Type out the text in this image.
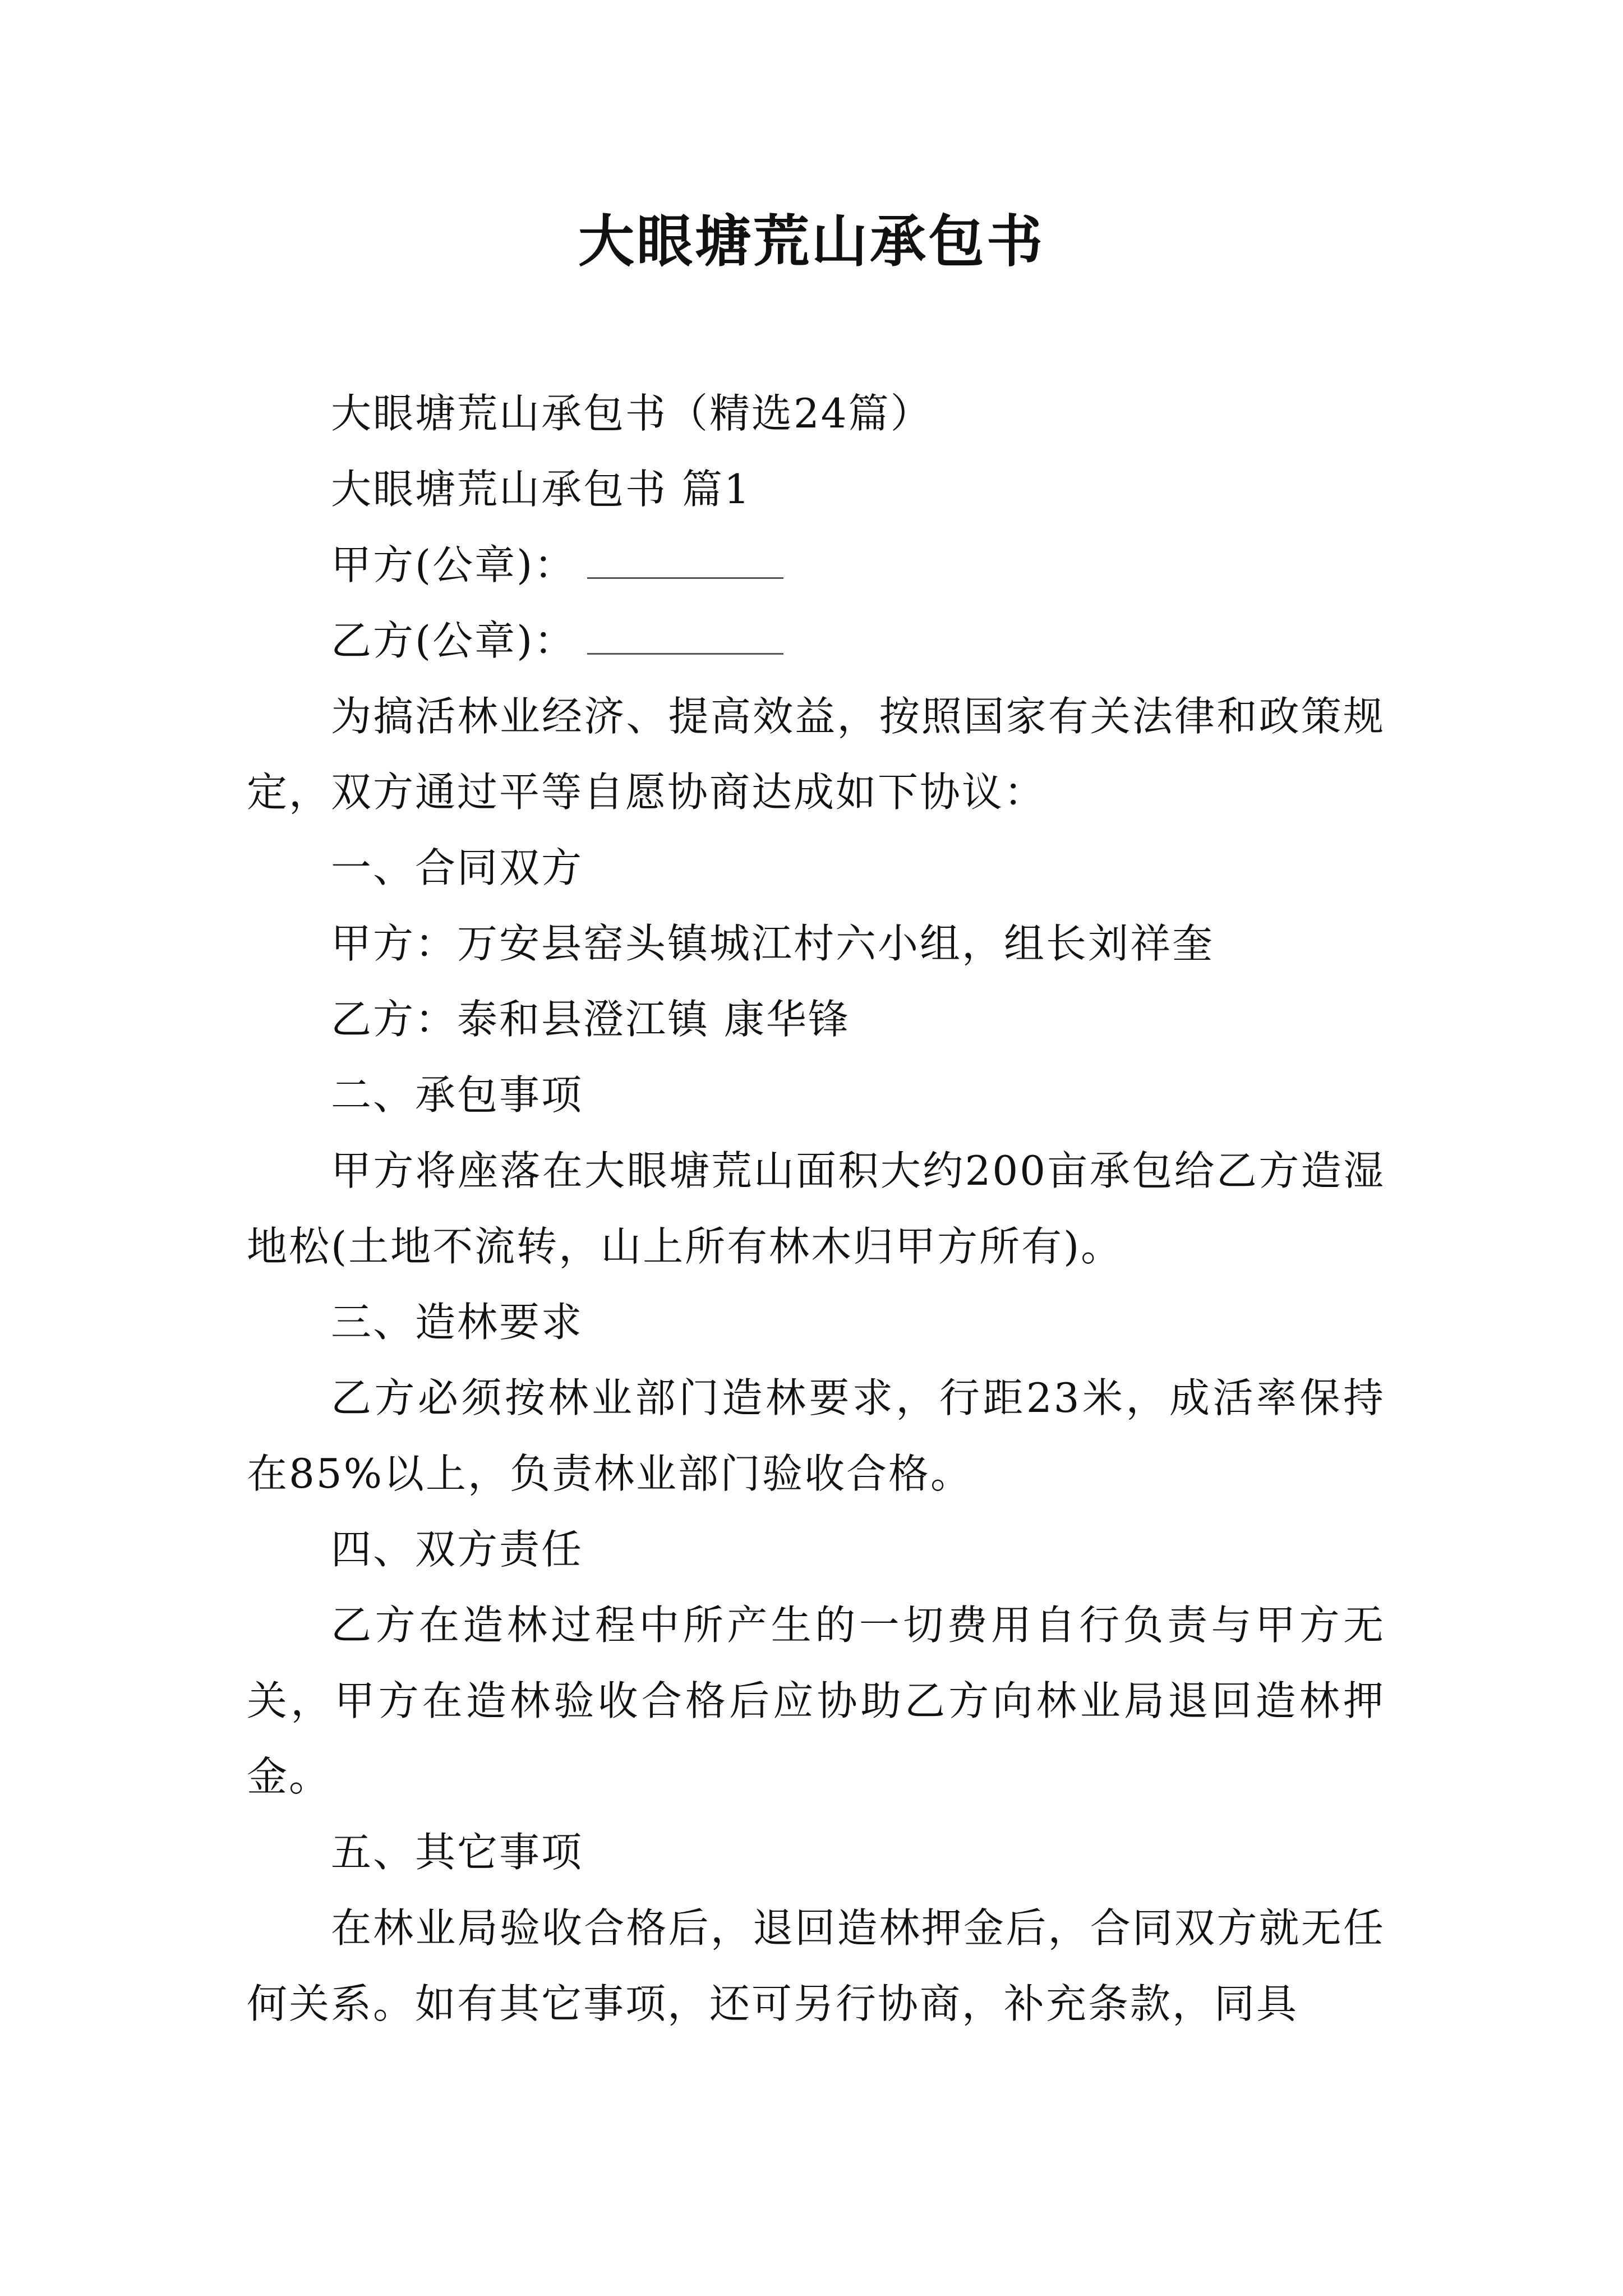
大眼塘荒山承包书

大眼塘荒山承包书（精选24篇）

大眼塘荒山承包书 篇1

甲方(公章)：

乙方(公章)：

为搞活林业经济、提高效益，按照国家有关法律和政策规定，双方通过平等自愿协商达成如下协议：

一、合同双方

甲方：万安县窑头镇城江村六小组，组长刘祥奎

乙方：泰和县澄江镇 康华锋

二、承包事项

甲方将座落在大眼塘荒山面积大约200亩承包给乙方造湿地松(土地不流转，山上所有林木归甲方所有)。

三、造林要求

乙方必须按林业部门造林要求，行距23米，成活率保持在85%以上，负责林业部门验收合格。

四、双方责任

乙方在造林过程中所产生的一切费用自行负责与甲方无关，甲方在造林验收合格后应协助乙方向林业局退回造林押金。

五、其它事项

在林业局验收合格后，退回造林押金后，合同双方就无任何关系。如有其它事项，还可另行协商，补充条款，同具
